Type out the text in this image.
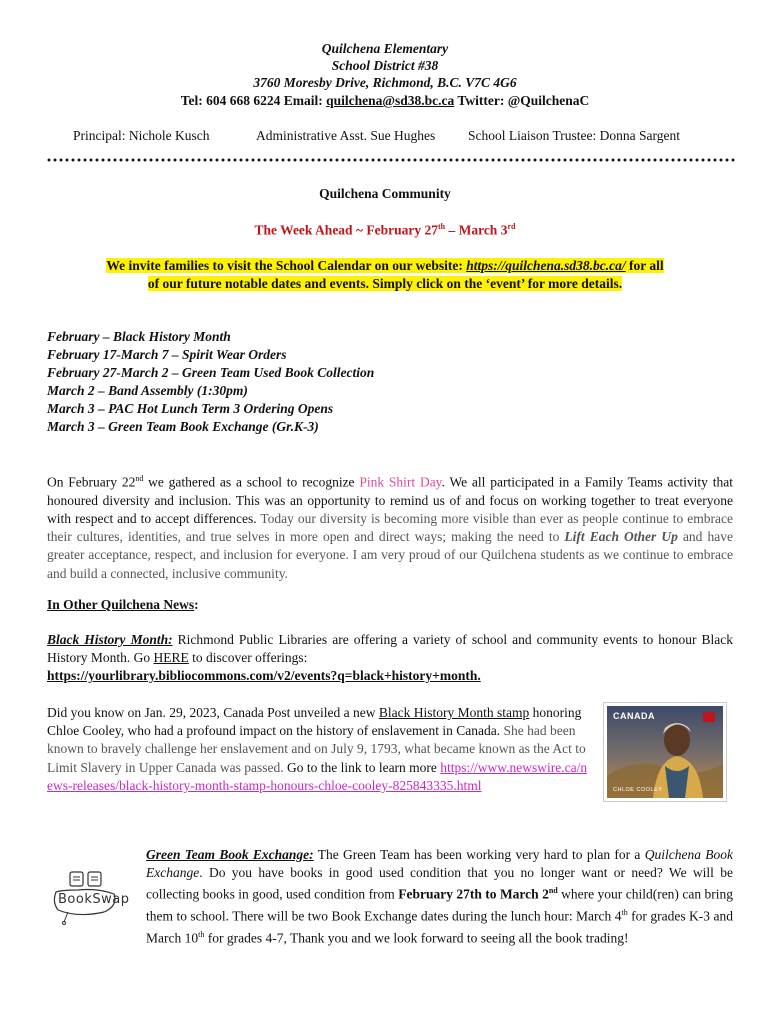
Quilchena Elementary
School District #38
3760 Moresby Drive, Richmond, B.C. V7C 4G6
Tel: 604 668 6224 Email: quilchena@sd38.bc.ca Twitter: @QuilchenaC
Principal: Nichole Kusch	Administrative Asst. Sue Hughes School Liaison Trustee: Donna Sargent
Quilchena Community
The Week Ahead ~ February 27th – March 3rd
We invite families to visit the School Calendar on our website: https://quilchena.sd38.bc.ca/ for all
of our future notable dates and events. Simply click on the ‘event’ for more details.
February – Black History Month
February 17-March 7 – Spirit Wear Orders
February 27-March 2 – Green Team Used Book Collection
March 2 – Band Assembly (1:30pm)
March 3 – PAC Hot Lunch Term 3 Ordering Opens
March 3 – Green Team Book Exchange (Gr.K-3)
On February 22nd we gathered as a school to recognize Pink Shirt Day. We all participated in a Family Teams activity that honoured diversity and inclusion. This was an opportunity to remind us of and focus on working together to treat everyone with respect and to accept differences. Today our diversity is becoming more visible than ever as people continue to embrace their cultures, identities, and true selves in more open and direct ways; making the need to Lift Each Other Up and have greater acceptance, respect, and inclusion for everyone. I am very proud of our Quilchena students as we continue to embrace and build a connected, inclusive community.
In Other Quilchena News:
Black History Month: Richmond Public Libraries are offering a variety of school and community events to honour Black History Month. Go HERE to discover offerings:
https://yourlibrary.bibliocommons.com/v2/events?q=black+history+month.
Did you know on Jan. 29, 2023, Canada Post unveiled a new Black History Month stamp honoring Chloe Cooley, who had a profound impact on the history of enslavement in Canada. She had been known to bravely challenge her enslavement and on July 9, 1793, what became known as the Act to Limit Slavery in Upper Canada was passed. Go to the link to learn more https://www.newswire.ca/news-releases/black-history-month-stamp-honours-chloe-cooley-825843335.html
CANADA
CHLOE COOLEY
BookSwap
Green Team Book Exchange: The Green Team has been working very hard to plan for a Quilchena Book Exchange. Do you have books in good used condition that you no longer want or need? We will be collecting books in good, used condition from February 27th to March 2nd where your child(ren) can bring them to school. There will be two Book Exchange dates during the lunch hour: March 4th for grades K-3 and March 10th for grades 4-7, Thank you and we look forward to seeing all the book trading!
